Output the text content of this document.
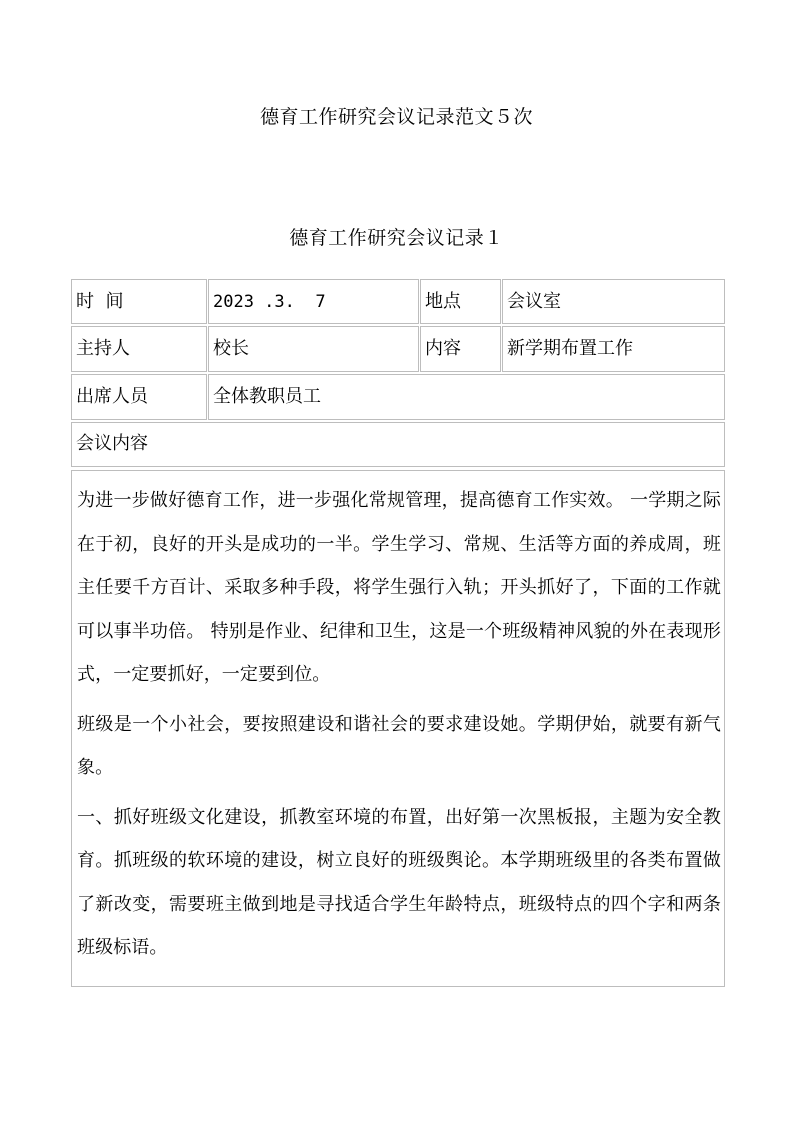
德育工作研究会议记录范文５次
德育工作研究会议记录１
时  间	2023 .3.  7	地点	会议室
主持人	校长	内容	新学期布置工作
出席人员	全体教职员工
会议内容

为进一步做好德育工作，进一步强化常规管理，提高德育工作实效。 一学期之际在于初，良好的开头是成功的一半。学生学习、常规、生活等方面的养成周，班主任要千方百计、采取多种手段，将学生强行入轨；开头抓好了，下面的工作就可以事半功倍。 特别是作业、纪律和卫生，这是一个班级精神风貌的外在表现形式，一定要抓好，一定要到位。

班级是一个小社会，要按照建设和谐社会的要求建设她。学期伊始，就要有新气象。

一、抓好班级文化建设，抓教室环境的布置，出好第一次黑板报，主题为安全教育。抓班级的软环境的建设，树立良好的班级舆论。本学期班级里的各类布置做了新改变，需要班主做到地是寻找适合学生年龄特点，班级特点的四个字和两条班级标语。
